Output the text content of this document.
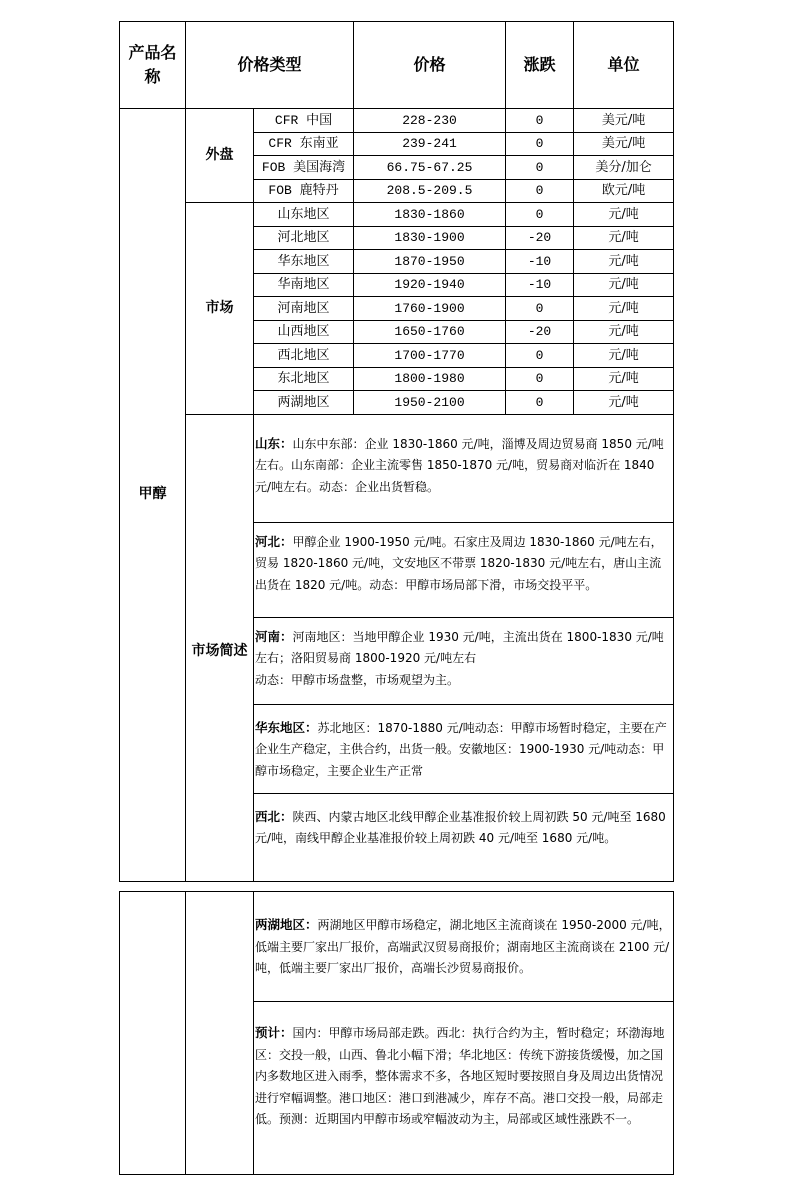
产品名称	价格类型		价格	涨跌	单位
甲醇	外盘	CFR 中国	228-230	0	美元/吨
		CFR 东南亚	239-241	0	美元/吨
		FOB 美国海湾	66.75-67.25	0	美分/加仑
		FOB 鹿特丹	208.5-209.5	0	欧元/吨
	市场	山东地区	1830-1860	0	元/吨
		河北地区	1830-1900	-20	元/吨
		华东地区	1870-1950	-10	元/吨
		华南地区	1920-1940	-10	元/吨
		河南地区	1760-1900	0	元/吨
		山西地区	1650-1760	-20	元/吨
		西北地区	1700-1770	0	元/吨
		东北地区	1800-1980	0	元/吨
		两湖地区	1950-2100	0	元/吨
	市场简述	山东：山东中东部：企业 1830-1860 元/吨，淄博及周边贸易商 1850 元/吨左右。山东南部：企业主流零售 1850-1870 元/吨，贸易商对临沂在 1840 元/吨左右。动态：企业出货暂稳。			

		河北：甲醇企业 1900-1950 元/吨。石家庄及周边 1830-1860 元/吨左右，贸易 1820-1860 元/吨，文安地区不带票 1820-1830 元/吨左右，唐山主流出货在 1820 元/吨。动态：甲醇市场局部下滑，市场交投平平。			

		河南：河南地区：当地甲醇企业 1930 元/吨，主流出货在 1800-1830 元/吨左右；洛阳贸易商 1800-1920 元/吨左右
动态：甲醇市场盘整，市场观望为主。			

		华东地区：苏北地区：1870-1880 元/吨动态：甲醇市场暂时稳定，主要在产企业生产稳定，主供合约，出货一般。安徽地区：1900-1930 元/吨动态：甲醇市场稳定，主要企业生产正常			

		西北：陕西、内蒙古地区北线甲醇企业基准报价较上周初跌 50 元/吨至 1680 元/吨，南线甲醇企业基准报价较上周初跌 40 元/吨至 1680 元/吨。			

两湖地区：两湖地区甲醇市场稳定，湖北地区主流商谈在 1950-2000 元/吨，低端主要厂家出厂报价，高端武汉贸易商报价；湖南地区主流商谈在 2100 元/吨，低端主要厂家出厂报价，高端长沙贸易商报价。

预计：国内：甲醇市场局部走跌。西北：执行合约为主，暂时稳定；环渤海地区：交投一般，山西、鲁北小幅下滑；华北地区：传统下游接货缓慢，加之国内多数地区进入雨季，整体需求不多，各地区短时要按照自身及周边出货情况进行窄幅调整。港口地区：港口到港减少，库存不高。港口交投一般，局部走低。预测：近期国内甲醇市场或窄幅波动为主，局部或区域性涨跌不一。
